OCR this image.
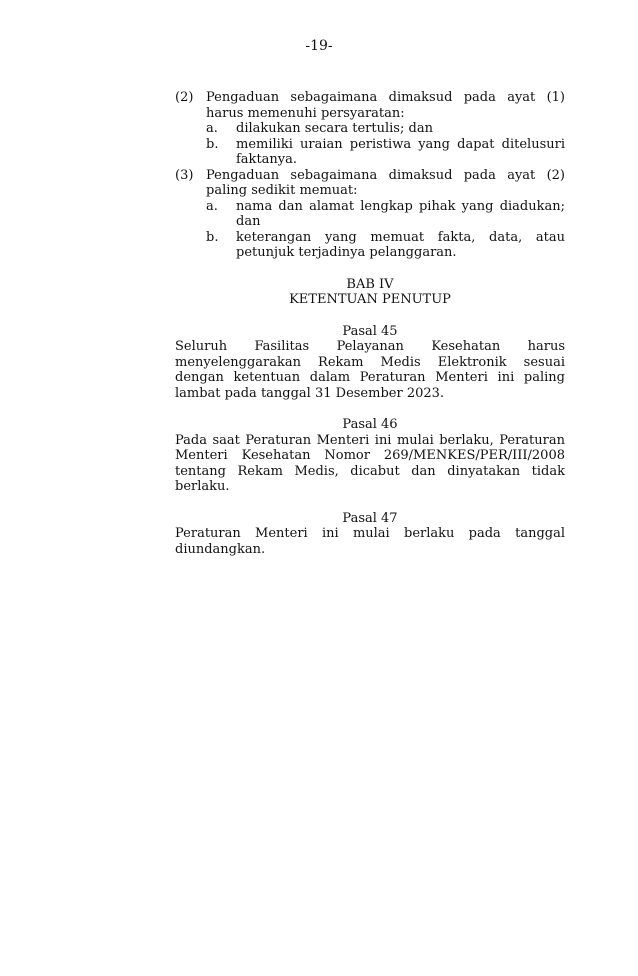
-19-
(2) Pengaduan sebagaimana dimaksud pada ayat (1) harus memenuhi persyaratan:
a.	dilakukan secara tertulis; dan
b.	memiliki uraian peristiwa yang dapat ditelusuri faktanya.
(3) Pengaduan sebagaimana dimaksud pada ayat (2) paling sedikit memuat:
a.	nama dan alamat lengkap pihak yang diadukan; dan
b.	keterangan yang memuat fakta, data, atau petunjuk terjadinya pelanggaran.
BAB IV
KETENTUAN PENUTUP
Pasal 45
Seluruh Fasilitas Pelayanan Kesehatan harus
menyelenggarakan Rekam Medis Elektronik sesuai dengan ketentuan dalam Peraturan Menteri ini paling lambat pada tanggal 31 Desember 2023.
Pasal 46
Pada saat Peraturan Menteri ini mulai berlaku, Peraturan Menteri Kesehatan Nomor 269/MENKES/PER/III/2008 tentang Rekam Medis, dicabut dan dinyatakan tidak berlaku.
Pasal 47
Peraturan Menteri ini mulai berlaku pada tanggal
diundangkan.
